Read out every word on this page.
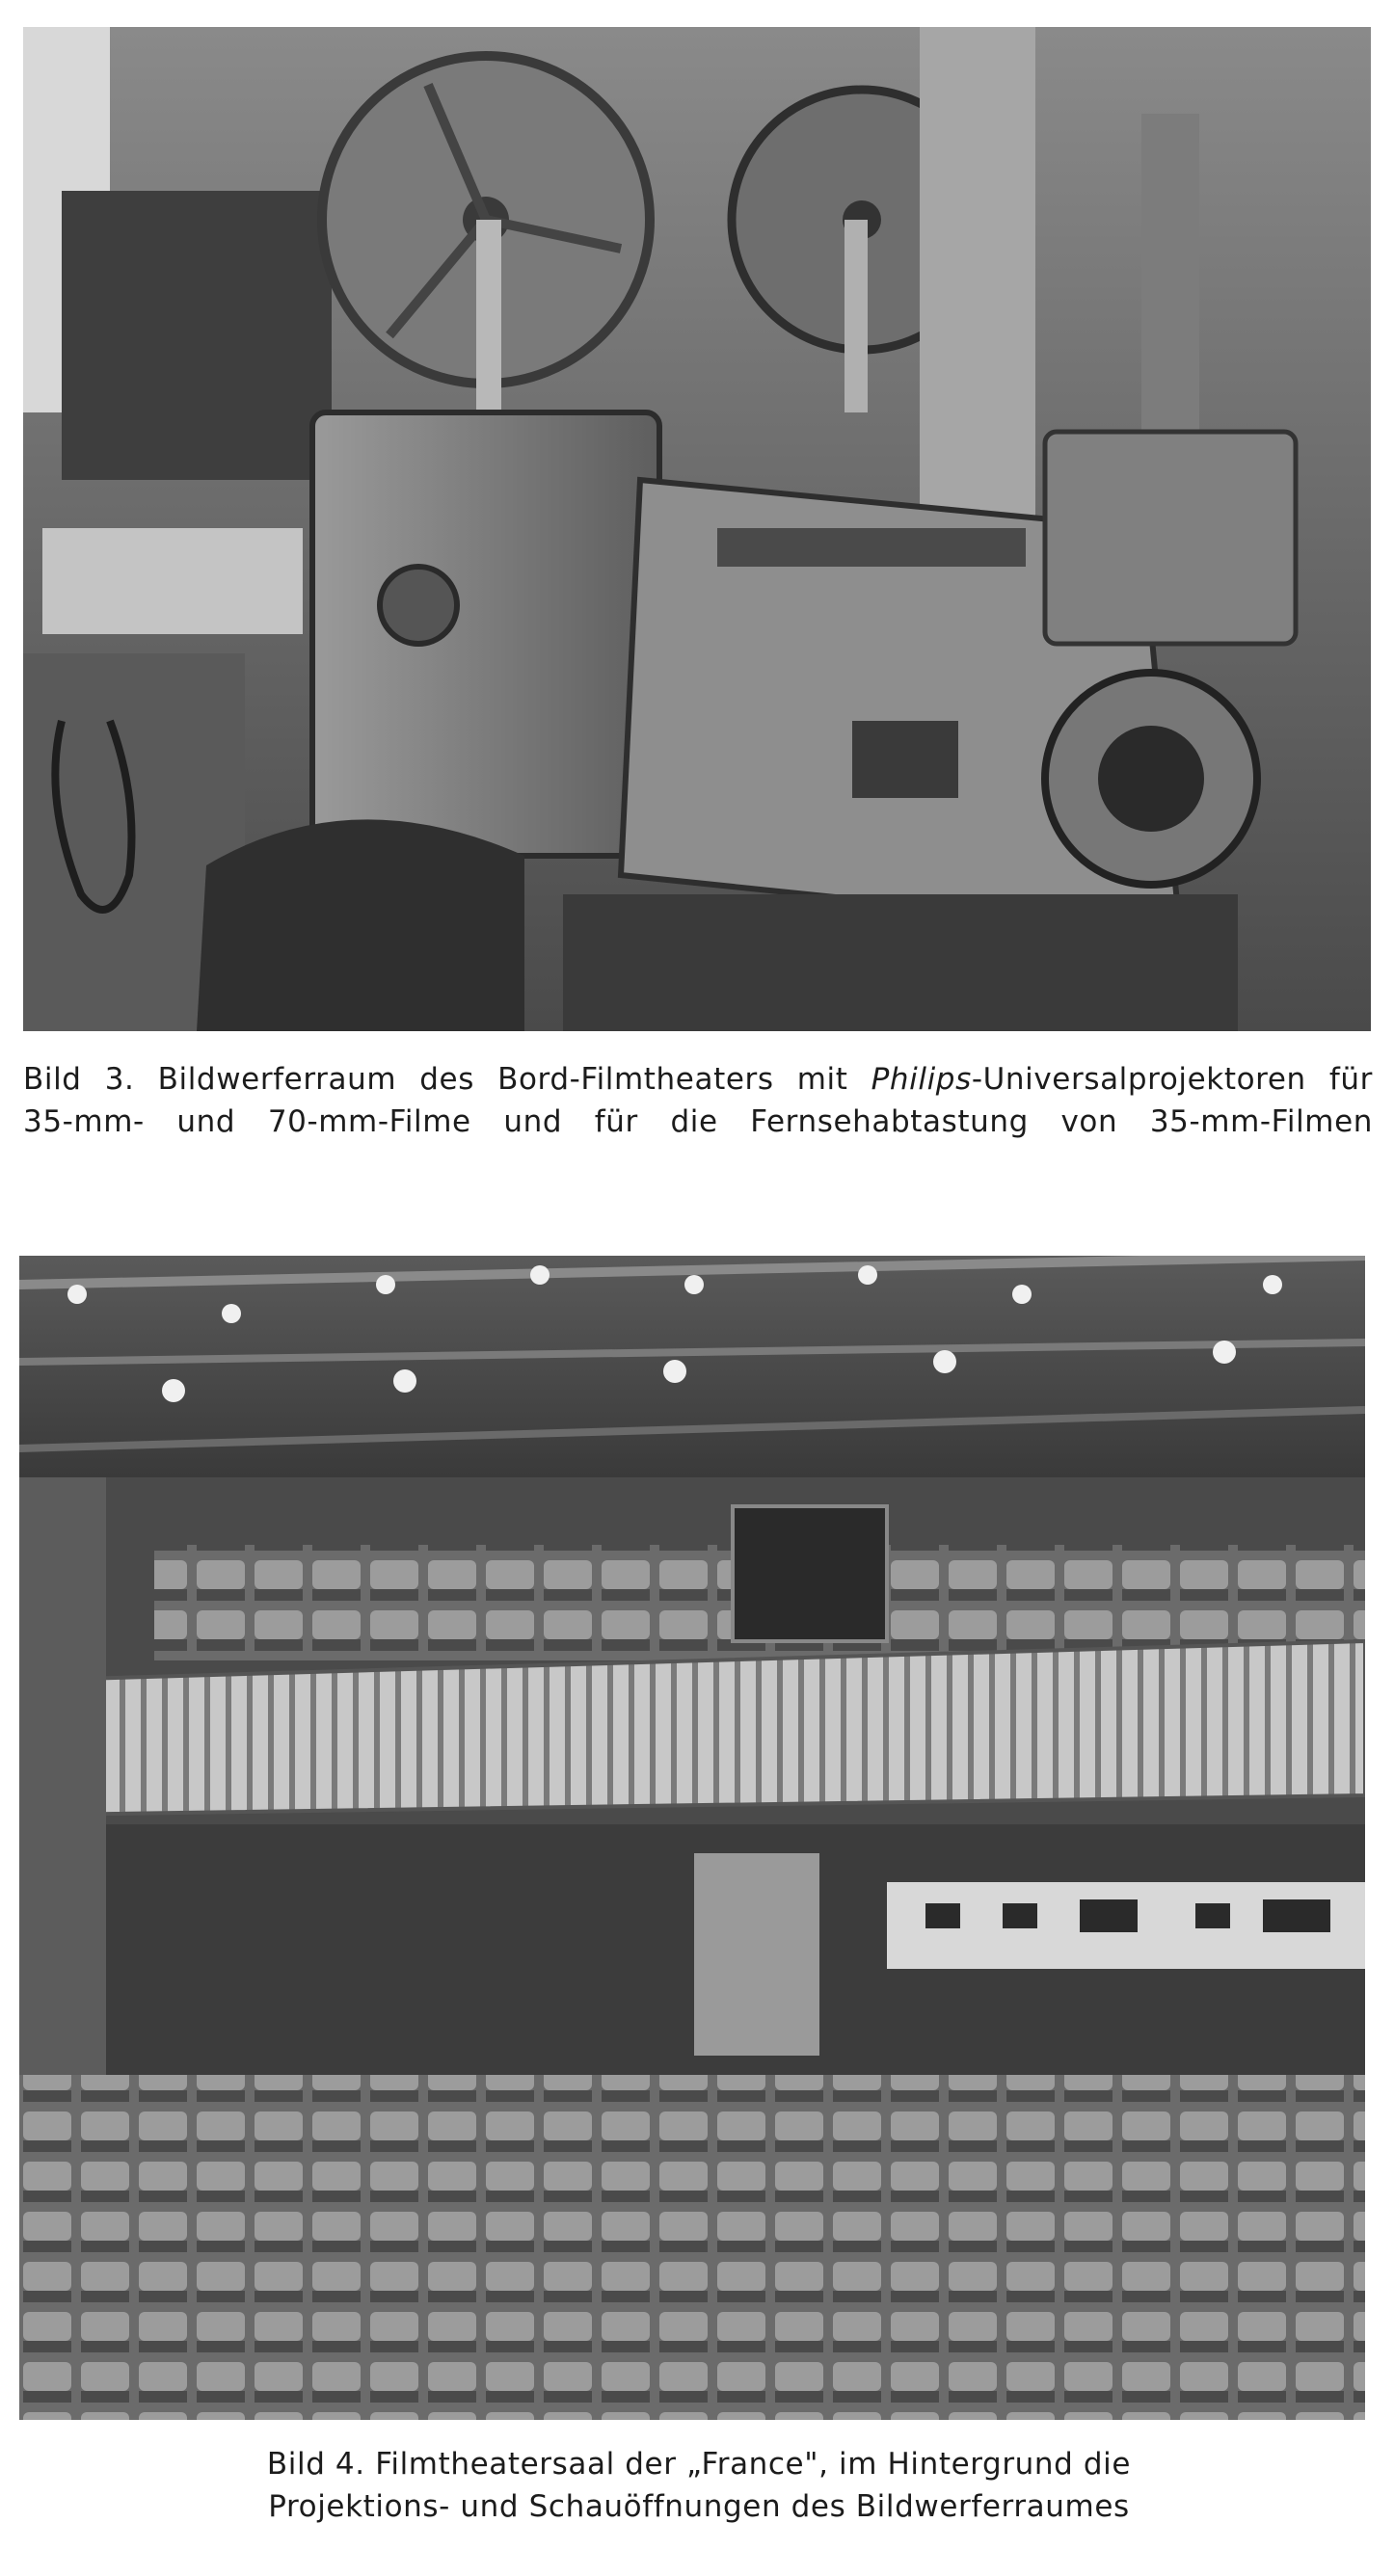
Bild 3. Bildwerferraum des Bord-Filmtheaters mit Philips-Universalprojektoren für
35-mm- und 70-mm-Filme und für die Fernsehabtastung von 35-mm-Filmen
Bild 4. Filmtheatersaal der „France", im Hintergrund die
Projektions- und Schauöffnungen des Bildwerferraumes
